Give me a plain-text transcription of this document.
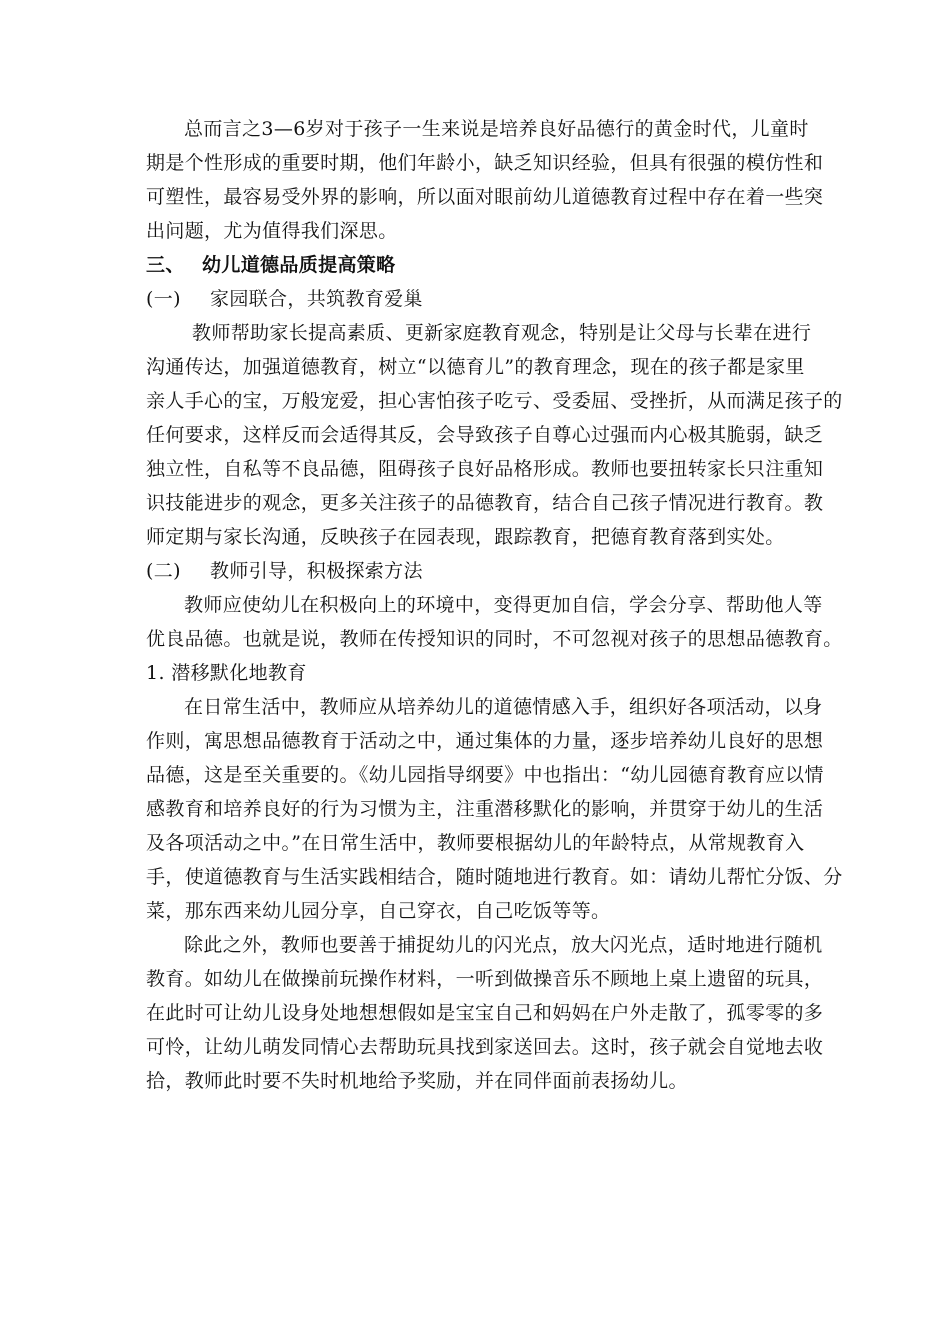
总而言之3—6岁对于孩子一生来说是培养良好品德行的黄金时代，儿童时
期是个性形成的重要时期，他们年龄小，缺乏知识经验，但具有很强的模仿性和
可塑性，最容易受外界的影响，所以面对眼前幼儿道德教育过程中存在着一些突
出问题，尤为值得我们深思。
三、 幼儿道德品质提高策略
(一) 家园联合，共筑教育爱巢
教师帮助家长提高素质、更新家庭教育观念，特别是让父母与长辈在进行
沟通传达，加强道德教育，树立“以德育儿”的教育理念，现在的孩子都是家里
亲人手心的宝，万般宠爱，担心害怕孩子吃亏、受委屈、受挫折，从而满足孩子的
任何要求，这样反而会适得其反，会导致孩子自尊心过强而内心极其脆弱，缺乏
独立性，自私等不良品德，阻碍孩子良好品格形成。教师也要扭转家长只注重知
识技能进步的观念，更多关注孩子的品德教育，结合自己孩子情况进行教育。教
师定期与家长沟通，反映孩子在园表现，跟踪教育，把德育教育落到实处。
(二) 教师引导，积极探索方法
教师应使幼儿在积极向上的环境中，变得更加自信，学会分享、帮助他人等
优良品德。也就是说，教师在传授知识的同时，不可忽视对孩子的思想品德教育。
1. 潜移默化地教育
在日常生活中，教师应从培养幼儿的道德情感入手，组织好各项活动，以身
作则，寓思想品德教育于活动之中，通过集体的力量，逐步培养幼儿良好的思想
品德，这是至关重要的。《幼儿园指导纲要》中也指出：“幼儿园德育教育应以情
感教育和培养良好的行为习惯为主，注重潜移默化的影响，并贯穿于幼儿的生活
及各项活动之中。”在日常生活中，教师要根据幼儿的年龄特点，从常规教育入
手，使道德教育与生活实践相结合，随时随地进行教育。如：请幼儿帮忙分饭、分
菜，那东西来幼儿园分享，自己穿衣，自己吃饭等等。
除此之外，教师也要善于捕捉幼儿的闪光点，放大闪光点，适时地进行随机
教育。如幼儿在做操前玩操作材料，一听到做操音乐不顾地上桌上遗留的玩具，
在此时可让幼儿设身处地想想假如是宝宝自己和妈妈在户外走散了，孤零零的多
可怜，让幼儿萌发同情心去帮助玩具找到家送回去。这时，孩子就会自觉地去收
拾，教师此时要不失时机地给予奖励，并在同伴面前表扬幼儿。
